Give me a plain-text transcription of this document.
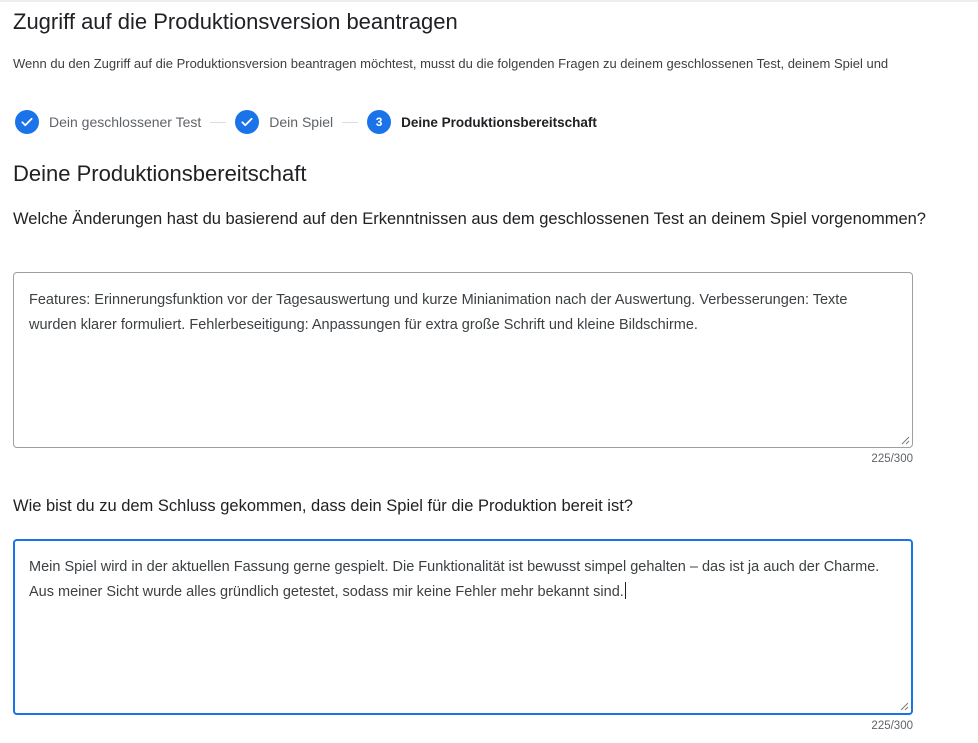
Zugriff auf die Produktionsversion beantragen

Wenn du den Zugriff auf die Produktionsversion beantragen möchtest, musst du die folgenden Fragen zu deinem geschlossenen Test, deinem Spiel und

Dein geschlossener Test	Dein Spiel	3 Deine Produktionsbereitschaft
Deine Produktionsbereitschaft

Welche Änderungen hast du basierend auf den Erkenntnissen aus dem geschlossenen Test an deinem Spiel vorgenommen?

Features: Erinnerungsfunktion vor der Tagesauswertung und kurze Minianimation nach der Auswertung. Verbesserungen: Texte wurden klarer formuliert. Fehlerbeseitigung: Anpassungen für extra große Schrift und kleine Bildschirme.

225/300

Wie bist du zu dem Schluss gekommen, dass dein Spiel für die Produktion bereit ist?

Mein Spiel wird in der aktuellen Fassung gerne gespielt. Die Funktionalität ist bewusst simpel gehalten – das ist ja auch der Charme. Aus meiner Sicht wurde alles gründlich getestet, sodass mir keine Fehler mehr bekannt sind.

225/300
